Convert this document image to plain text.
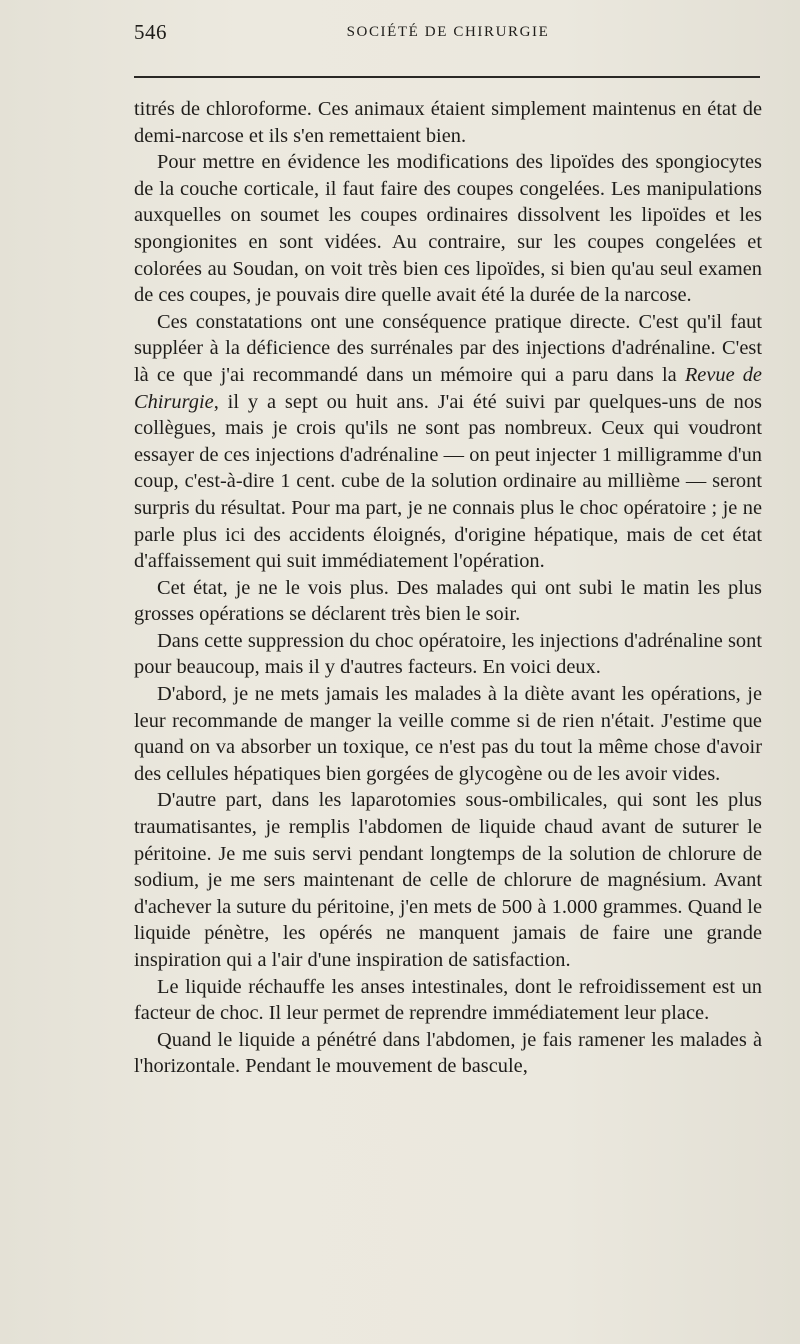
546	SOCIÉTÉ DE CHIRURGIE

titrés de chloroforme. Ces animaux étaient simplement maintenus en état de demi-narcose et ils s'en remettaient bien.

Pour mettre en évidence les modifications des lipoïdes des spongiocytes de la couche corticale, il faut faire des coupes congelées. Les manipulations auxquelles on soumet les coupes ordinaires dissolvent les lipoïdes et les spongionites en sont vidées. Au contraire, sur les coupes congelées et colorées au Soudan, on voit très bien ces lipoïdes, si bien qu'au seul examen de ces coupes, je pouvais dire quelle avait été la durée de la narcose.

Ces constatations ont une conséquence pratique directe. C'est qu'il faut suppléer à la déficience des surrénales par des injections d'adrénaline. C'est là ce que j'ai recommandé dans un mémoire qui a paru dans la Revue de Chirurgie, il y a sept ou huit ans. J'ai été suivi par quelques-uns de nos collègues, mais je crois qu'ils ne sont pas nombreux. Ceux qui voudront essayer de ces injections d'adrénaline — on peut injecter 1 milligramme d'un coup, c'est-à-dire 1 cent. cube de la solution ordinaire au millième — seront surpris du résultat. Pour ma part, je ne connais plus le choc opératoire ; je ne parle plus ici des accidents éloignés, d'origine hépatique, mais de cet état d'affaissement qui suit immédiatement l'opération.

Cet état, je ne le vois plus. Des malades qui ont subi le matin les plus grosses opérations se déclarent très bien le soir.

Dans cette suppression du choc opératoire, les injections d'adrénaline sont pour beaucoup, mais il y d'autres facteurs. En voici deux.

D'abord, je ne mets jamais les malades à la diète avant les opérations, je leur recommande de manger la veille comme si de rien n'était. J'estime que quand on va absorber un toxique, ce n'est pas du tout la même chose d'avoir des cellules hépatiques bien gorgées de glycogène ou de les avoir vides.

D'autre part, dans les laparotomies sous-ombilicales, qui sont les plus traumatisantes, je remplis l'abdomen de liquide chaud avant de suturer le péritoine. Je me suis servi pendant longtemps de la solution de chlorure de sodium, je me sers maintenant de celle de chlorure de magnésium. Avant d'achever la suture du péritoine, j'en mets de 500 à 1.000 grammes. Quand le liquide pénètre, les opérés ne manquent jamais de faire une grande inspiration qui a l'air d'une inspiration de satisfaction.

Le liquide réchauffe les anses intestinales, dont le refroidissement est un facteur de choc. Il leur permet de reprendre immédiatement leur place.

Quand le liquide a pénétré dans l'abdomen, je fais ramener les malades à l'horizontale. Pendant le mouvement de bascule,
